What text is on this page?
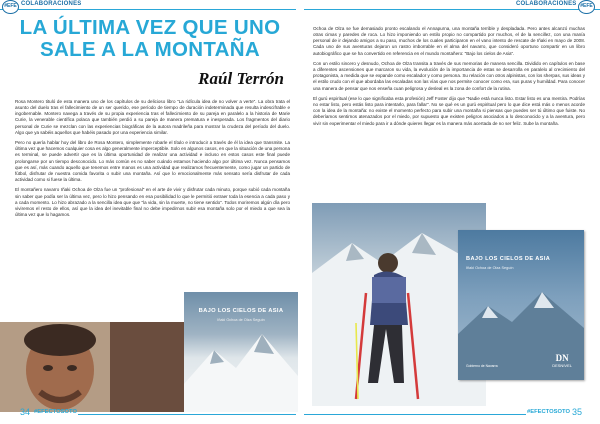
COLABORACIONES
#EFE	COLABORACIONES #EFE
LA ÚLTIMA VEZ QUE UNO
SALE A LA MONTAÑA
Raúl Terrón

Rosa Montero tituló de esta manera uno de los capítulos de su delicioso libro "La ridícula idea de no volver a verte". La obra trata el asunto del duelo tras el fallecimiento de un ser querido, ese período de tiempo de duración indeterminada que resulta indescifrable e ingobernable. Montero navega a través de su propia experiencia tras el fallecimiento de su pareja en paralelo a la historia de Marie Curie, la venerable científica polaca que también perdió a su pareja de manera prematura e inesperada. Los fragmentos del diario personal de Curie se mezclan con las experiencias biográficas de la autora madrileña para mostrar la crudeza del período del duelo. Algo que ya sabéis aquellos que habéis pasado por una experiencia similar.

Pero no quería hablar hoy del libro de Rosa Montero, simplemente robarle el título e introducir a través de él la idea que transmite. La última vez que hacemos cualquier cosa es algo generalmente imperceptible. Solo en algunos casos, en que la situación de una persona es terminal, se puede advertir que es la última oportunidad de realizar una actividad e incluso en estos casos este final puede prolongarse por un tiempo desconocido. Lo más común es no saber cuándo estamos haciendo algo por última vez. Nunca pensamos que es así, más cuando aquello que tenemos entre manos es una actividad que realizamos frecuentemente, como jugar un partido de fútbol, disfrutar de nuestra comida favorita o subir una montaña. Así que lo emocionalmente más sensato sería disfrutar de cada actividad como si fuese la última.

El montañero navarro Iñaki Ochoa de Olza fue un "profesional" en el arte de vivir y disfrutar cada minuto, porque subió cada montaña sin saber que podía ser la última vez, pero lo hizo pensando en esa posibilidad lo que le permitió extraer toda la esencia a cada paso y a cada momento. Lo hizo abrazado a la sencilla idea que que "la vida, sin la muerte, no tiene sentido". Todos moriremos algún día pero viviremos el resto de ellos, así que la idea del inevitable final no debe impedirnos subir esa montaña solo por el miedo a que sea la última vez que lo hagamos.

BAJO LOS CIELOS DE ASIA
Iñaki Ochoa de Olza Seguín

Ochoa de Olza se fue demasiado pronto escalando el Annapurna, una montaña terrible y despladada. Pero antes alcanzó muchas otras cimas y paredes de roca. Lo hizo imponiendo un estilo propio no compartido por muchos, el de la sencillez, con una manía personal de ir dejando amigos a su paso, muchos de los cuales participaron en el vano intento de rescate de Iñaki en mayo de 2008. Cada uno de sus aventuras dejaron un rastro imborrable en el alma del navarro, que consideró oportuno compartir en un libro autobiográfico que se ha convertido en referencia en el mundo montañero: "Bajo los cielos de Asia".

Con un estilo sincero y desnudo, Ochoa de Olza transita a través de sus memorias de manera sencilla. Dividido en capítulos en base a diferentes ascensiones que marcaron su vida, la evolución de la importancia de estas se desarrolla en paralelo al crecimiento del protagonista, a medida que se expande como escalador y como persona. Su relación con otros alpinistas, con los sherpas, sus ideas y el estilo crudo con el que abordaba las escaladas son las vías que nos permite conocer como era, sus puras y humildad. Para conocer una manera de pensar que nos enseña cuan peligrosa y desleal es la zona de confort de la rutina.

El gurú espiritual (ese lo que significaba esta profesión) Jeff Foster dijo que "Nadie está nunca listo. Estar listo es una mentira. Podrías no estar listo, pero estás listo para intentarlo, para fallar". No se qué es un gurú espiritual pero lo que dice está más o menos acorde con la idea de la montaña: no existe el momento perfecto para subir una montaña si piensas que puedes ser tú último que fuiste. No deberíamos sentirnos atenazados por el miedo, por supuesto que existen peligros asociados a lo desconocido y a la aventura, pero vivir sin experimentar el miedo para ir a dónde quieres llegar es la manera más acertada de no ser feliz. Sube la montaña.

BAJO LOS CIELOS DE ASIA
Iñaki Ochoa de Olza Seguín
Gobierno de Navarra
DN
DESNIVEL
34 #EFECTOSOTO	#EFECTOSOTO 35
